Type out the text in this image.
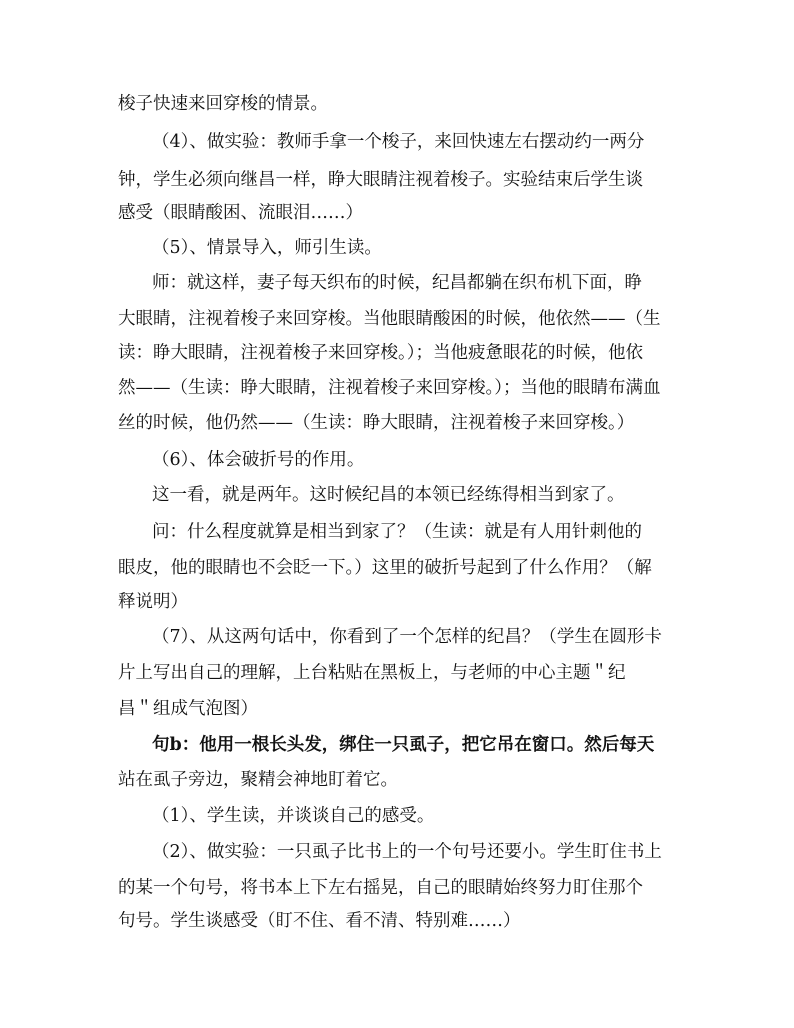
梭子快速来回穿梭的情景。
（4）、做实验：教师手拿一个梭子，来回快速左右摆动约一两分
钟，学生必须向继昌一样，睁大眼睛注视着梭子。实验结束后学生谈
感受（眼睛酸困、流眼泪……）
（5）、情景导入，师引生读。
师：就这样，妻子每天织布的时候，纪昌都躺在织布机下面，睁
大眼睛，注视着梭子来回穿梭。当他眼睛酸困的时候，他依然——（生
读：睁大眼睛，注视着梭子来回穿梭。）；当他疲惫眼花的时候，他依
然——（生读：睁大眼睛，注视着梭子来回穿梭。）；当他的眼睛布满血
丝的时候，他仍然——（生读：睁大眼睛，注视着梭子来回穿梭。）
（6）、体会破折号的作用。
这一看，就是两年。这时候纪昌的本领已经练得相当到家了。
问：什么程度就算是相当到家了？（生读：就是有人用针刺他的
眼皮，他的眼睛也不会眨一下。）这里的破折号起到了什么作用？（解
释说明）
（7）、从这两句话中，你看到了一个怎样的纪昌？（学生在圆形卡
片上写出自己的理解，上台粘贴在黑板上，与老师的中心主题＂纪
昌＂组成气泡图）
句b：他用一根长头发，绑住一只虱子，把它吊在窗口。然后每天
站在虱子旁边，聚精会神地盯着它。
（1）、学生读，并谈谈自己的感受。
（2）、做实验：一只虱子比书上的一个句号还要小。学生盯住书上
的某一个句号，将书本上下左右摇晃，自己的眼睛始终努力盯住那个
句号。学生谈感受（盯不住、看不清、特别难……）
